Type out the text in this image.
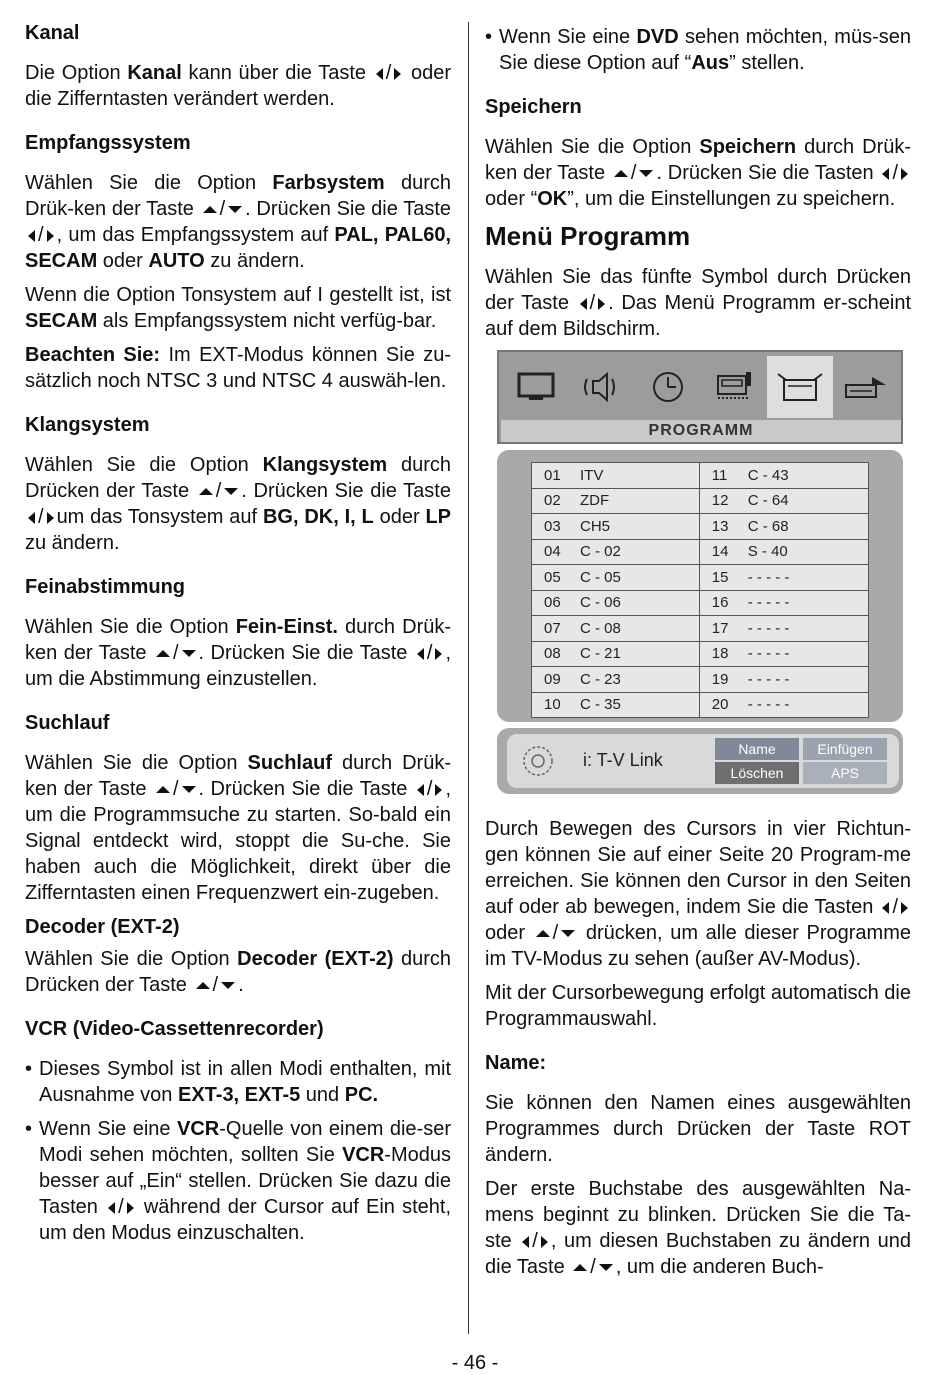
Kanal

Die Option Kanal kann über die Taste / oder die Zifferntasten verändert werden.

Empfangssystem

Wählen Sie die Option Farbsystem durch Drük-ken der Taste / . Drücken Sie die Taste / , um das Empfangssystem auf PAL, PAL60, SECAM oder AUTO zu ändern.

Wenn die Option Tonsystem auf I gestellt ist, ist SECAM als Empfangssystem nicht verfüg-bar.

Beachten Sie: Im EXT-Modus können Sie zu-sätzlich noch NTSC 3 und NTSC 4 auswäh-len.

Klangsystem

Wählen Sie die Option Klangsystem durch Drücken der Taste / . Drücken Sie die Taste / um das Tonsystem auf BG, DK, I, L oder LP zu ändern.

Feinabstimmung

Wählen Sie die Option Fein-Einst. durch Drük-ken der Taste / . Drücken Sie die Taste / , um die Abstimmung einzustellen.

Suchlauf

Wählen Sie die Option Suchlauf durch Drük-ken der Taste / . Drücken Sie die Taste / , um die Programmsuche zu starten. So-bald ein Signal entdeckt wird, stoppt die Su-che. Sie haben auch die Möglichkeit, direkt über die Zifferntasten einen Frequenzwert ein-zugeben.

Decoder (EXT-2)

Wählen Sie die Option Decoder (EXT-2) durch Drücken der Taste / .

VCR (Video-Cassettenrecorder)

• Dieses Symbol ist in allen Modi enthalten, mit Ausnahme von EXT-3, EXT-5 und PC.

• Wenn Sie eine VCR-Quelle von einem die-ser Modi sehen möchten, sollten Sie VCR-Modus besser auf „Ein“ stellen. Drücken Sie dazu die Tasten / während der Cursor auf Ein steht, um den Modus einzuschalten.

• Wenn Sie eine DVD sehen möchten, müs-sen Sie diese Option auf “Aus” stellen.

Speichern

Wählen Sie die Option Speichern durch Drük-ken der Taste / . Drücken Sie die Tasten /oder “OK”, um die Einstellungen zu speichern.

Menü Programm

Wählen Sie das fünfte Symbol durch Drücken der Taste / . Das Menü Programm er-scheint auf dem Bildschirm.

PROGRAMM
01 ITV	11 C - 43
02 ZDF	12 C - 64
03 CH5	13 C - 68
04 C - 02	14 S - 40
05 C - 05	15 - - - - -
06 C - 06	16 - - - - -
07 C - 08	17 - - - - -
08 C - 21	18 - - - - -
09 C - 23	19 - - - - -
10 C - 35	20 - - - - -
i: T-V Link
Name	Einfügen
Löschen	APS

Durch Bewegen des Cursors in vier Richtun-gen können Sie auf einer Seite 20 Program-me erreichen. Sie können den Cursor in den Seiten auf oder ab bewegen, indem Sie die Tasten / oder / drücken, um alle dieser Programme im TV-Modus zu sehen (außer AV-Modus).

Mit der Cursorbewegung erfolgt automatisch die Programmauswahl.

Name:

Sie können den Namen eines ausgewählten Programmes durch Drücken der Taste ROT ändern.

Der erste Buchstabe des ausgewählten Na-mens beginnt zu blinken. Drücken Sie die Ta-ste / , um diesen Buchstaben zu ändern und die Taste / , um die anderen Buch-

- 46 -
